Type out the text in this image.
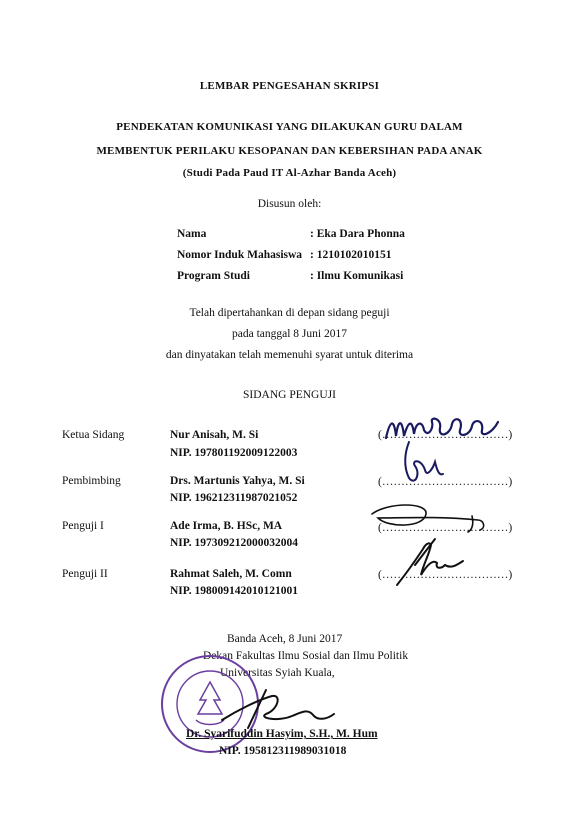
LEMBAR PENGESAHAN SKRIPSI
PENDEKATAN KOMUNIKASI YANG DILAKUKAN GURU DALAM
MEMBENTUK PERILAKU KESOPANAN DAN KEBERSIHAN PADA ANAK
(Studi Pada Paud IT Al-Azhar Banda Aceh)
Disusun oleh:
Nama	: Eka Dara Phonna
Nomor Induk Mahasiswa : 1210102010151
Program Studi	: Ilmu Komunikasi
Telah dipertahankan di depan sidang peguji
pada tanggal 8 Juni 2017
dan dinyatakan telah memenuhi syarat untuk diterima
SIDANG PENGUJI
Ketua Sidang	Nur Anisah, M. Si
NIP. 197801192009122003
(……………………………)
Pembimbing	Drs. Martunis Yahya, M. Si
NIP. 196212311987021052
(……………………………)
Penguji I	Ade Irma, B. HSc, MA
NIP. 197309212000032004
(……………………………)
Penguji II	Rahmat Saleh, M. Comn
NIP. 198009142010121001
(……………………………)
Banda Aceh, 8 Juni 2017
Dekan Fakultas Ilmu Sosial dan Ilmu Politik
Universitas Syiah Kuala,
Dr. Syarifuddin Hasyim, S.H., M. Hum
NIP. 195812311989031018
